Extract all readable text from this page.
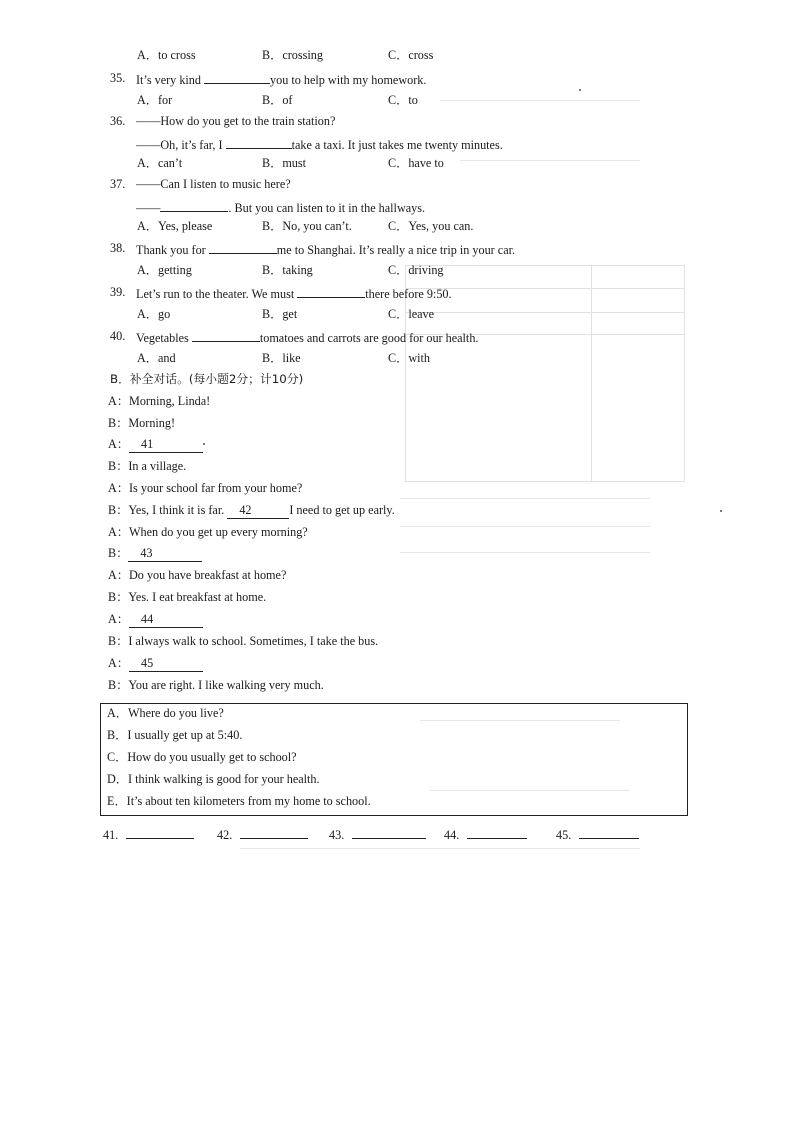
A．to cross	B．crossing	C．cross
35. It’s very kind	you to help with my homework.
A．for	B．of	C．to
36. ——How do you get to the train station?
——Oh, it’s far, I	take a taxi. It just takes me twenty minutes.
A．can’t	B．must	C．have to
37. ——Can I listen to music here?
——	. But you can listen to it in the hallways.
A．Yes, please	B．No, you can’t.	C．Yes, you can.
38. Thank you for	me to Shanghai. It’s really a nice trip in your car.
A．getting	B．taking	C．driving
39. Let’s run to the theater. We must	there before 9:50.
A．go	B．get	C．leave
40. Vegetables	tomatoes and carrots are good for our health.
A．and	B．like	C．with
B．补全对话。(每小题2分；计10分)
A：Morning, Linda!
B：Morning!
A： 41
B：In a village.
A：Is your school far from your home?
B：Yes, I think it is far. 42	I need to get up early.
A：When do you get up every morning?
B： 43
A：Do you have breakfast at home?
B：Yes. I eat breakfast at home.
A： 44
B：I always walk to school. Sometimes, I take the bus.
A： 45
B：You are right. I like walking very much.
A．Where do you live?
B．I usually get up at 5:40.
C．How do you usually get to school?
D．I think walking is good for your health.
E．It’s about ten kilometers from my home to school.
41.	42.	43.	44.	45.
